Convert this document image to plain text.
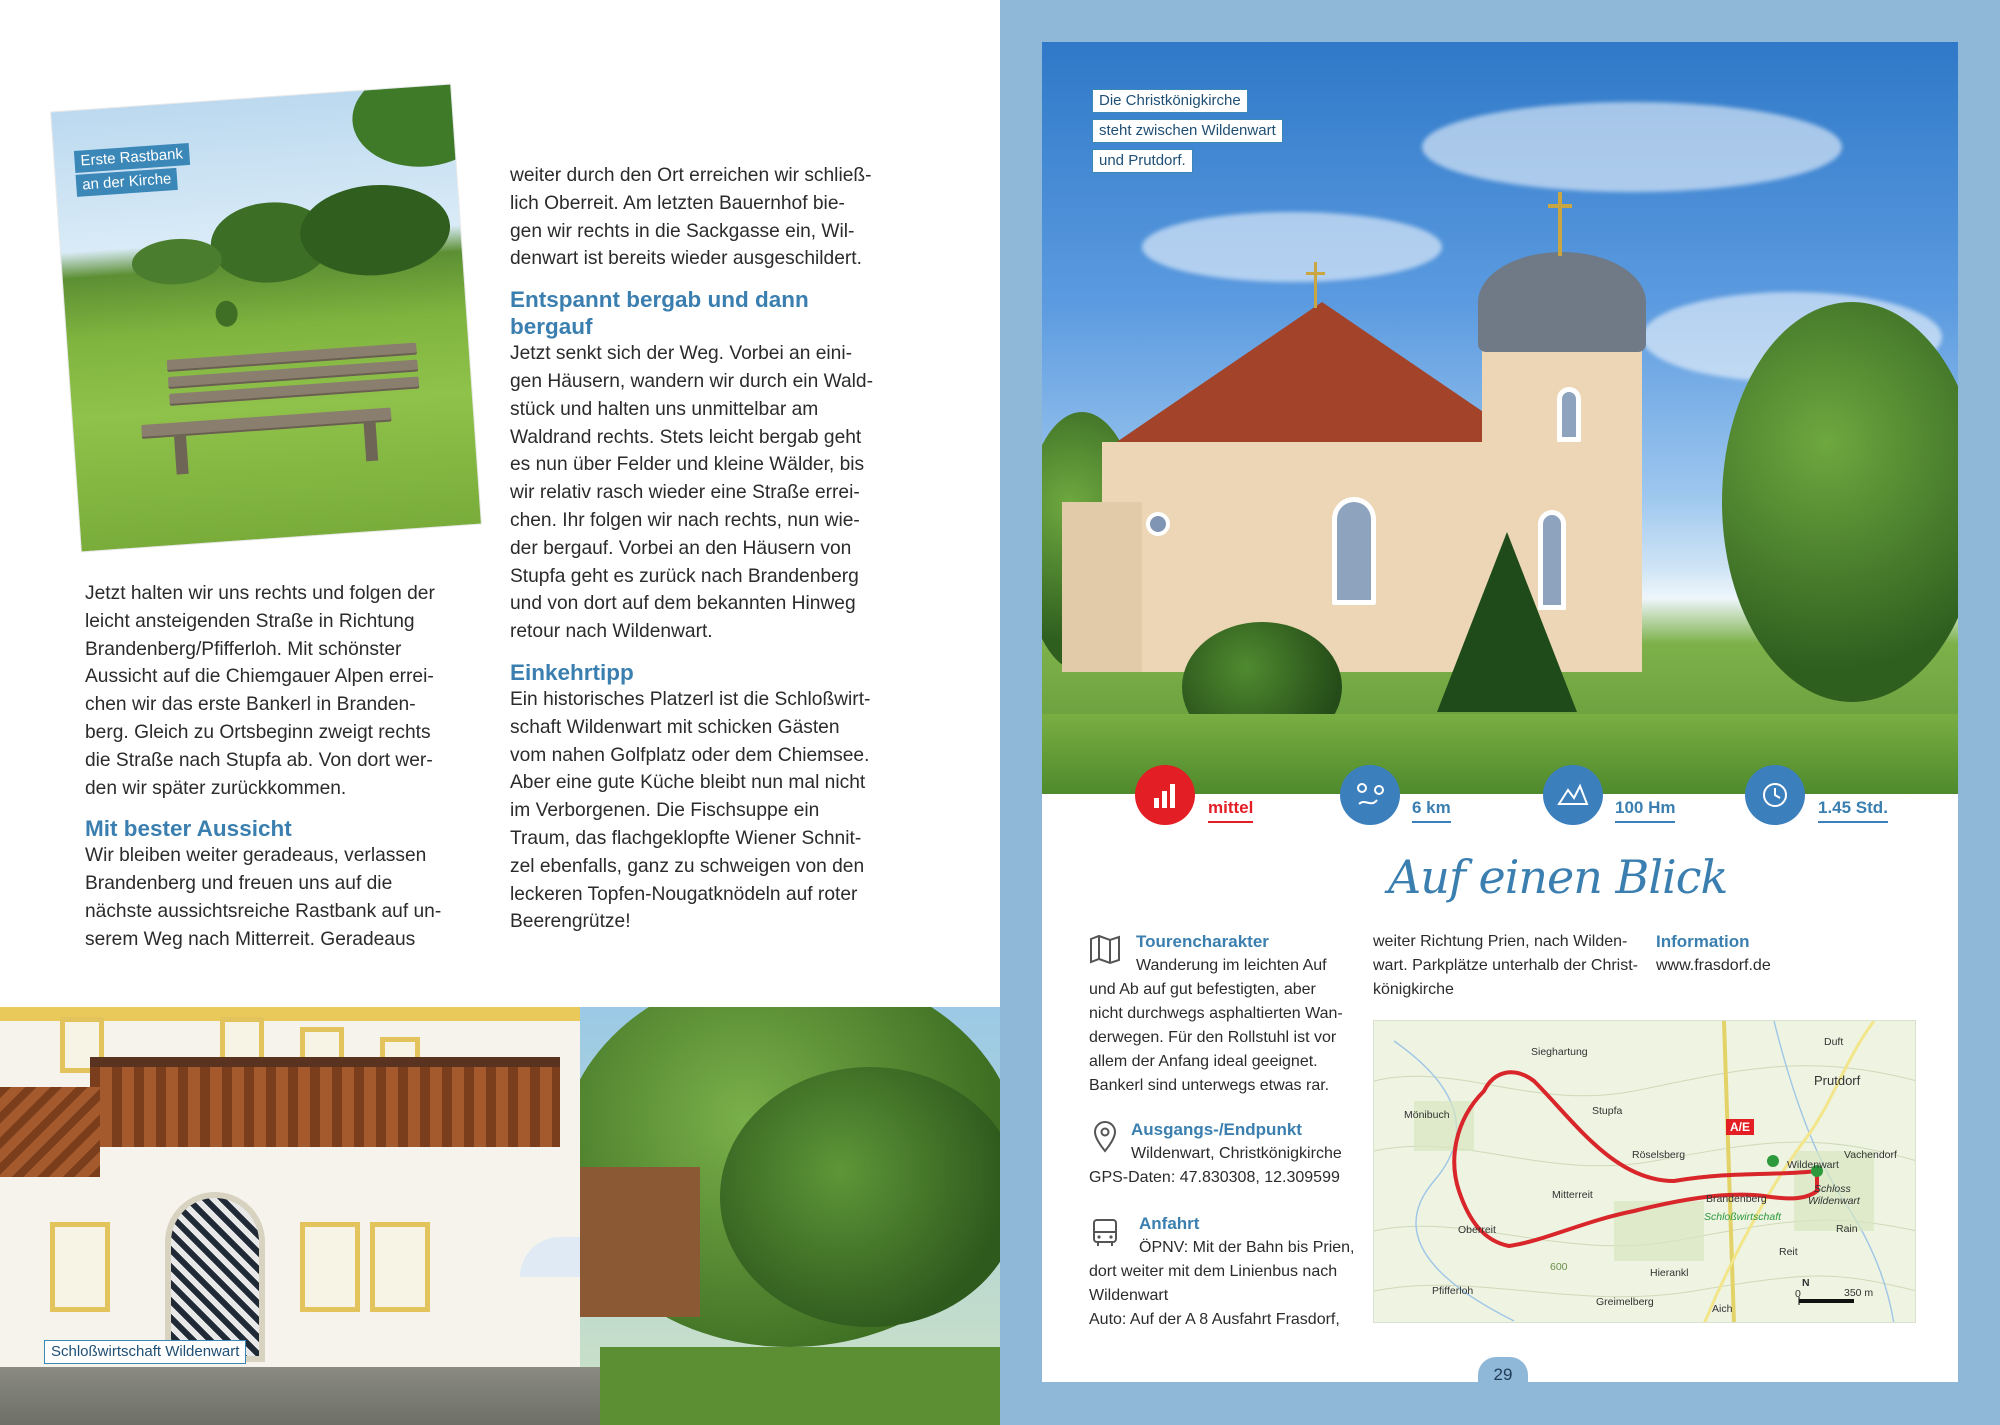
Erste Rastbank
an der Kirche

Jetzt halten wir uns rechts und folgen der

leicht ansteigenden Straße in Richtung

Brandenberg/Pfifferloh. Mit schönster

Aussicht auf die Chiemgauer Alpen errei-

chen wir das erste Bankerl in Branden-

berg. Gleich zu Ortsbeginn zweigt rechts

die Straße nach Stupfa ab. Von dort wer-

den wir später zurückkommen.

Mit bester Aussicht

Wir bleiben weiter geradeaus, verlassen

Brandenberg und freuen uns auf die

nächste aussichtsreiche Rastbank auf un-

serem Weg nach Mitterreit. Geradeaus

weiter durch den Ort erreichen wir schließ-

lich Oberreit. Am letzten Bauernhof bie-

gen wir rechts in die Sackgasse ein, Wil-

denwart ist bereits wieder ausgeschildert.

Entspannt bergab und dann
bergauf

Jetzt senkt sich der Weg. Vorbei an eini-

gen Häusern, wandern wir durch ein Wald-

stück und halten uns unmittelbar am

Waldrand rechts. Stets leicht bergab geht

es nun über Felder und kleine Wälder, bis

wir relativ rasch wieder eine Straße errei-

chen. Ihr folgen wir nach rechts, nun wie-

der bergauf. Vorbei an den Häusern von

Stupfa geht es zurück nach Brandenberg

und von dort auf dem bekannten Hinweg

retour nach Wildenwart.

Einkehrtipp

Ein historisches Platzerl ist die Schloßwirt-

schaft Wildenwart mit schicken Gästen

vom nahen Golfplatz oder dem Chiemsee.

Aber eine gute Küche bleibt nun mal nicht

im Verborgenen. Die Fischsuppe ein

Traum, das flachgeklopfte Wiener Schnit-

zel ebenfalls, ganz zu schweigen von den

leckeren Topfen-Nougatknödeln auf roter

Beerengrütze!

Schloßwirtschaft Wildenwart
Die Christkönigkirche
steht zwischen Wildenwart
und Prutdorf.
mittel	6 km	100 Hm	1.45 Std.
Auf einen Blick
Tourencharakter
Wanderung im leichten Auf
und Ab auf gut befestigten, aber
nicht durchwegs asphaltierten Wan-
derwegen. Für den Rollstuhl ist vor
allem der Anfang ideal geeignet.
Bankerl sind unterwegs etwas rar.
Ausgangs-/Endpunkt
Wildenwart, Christkönigkirche
GPS-Daten: 47.830308, 12.309599
Anfahrt
ÖPNV: Mit der Bahn bis Prien,
dort weiter mit dem Linienbus nach
Wildenwart
Auto: Auf der A 8 Ausfahrt Frasdorf,
weiter Richtung Prien, nach Wilden-
wart. Parkplätze unterhalb der Christ-
königkirche
Information
www.frasdorf.de
Sieghartung
Duft
Prutdorf
Mönibuch	Stupfa
Röselsberg
A/E
Wildenwart
Vachendorf
Mitterreit	Brandenberg
Schloss
Wildenwart
Schloßwirtschaft
Oberreit	Rain
Reit
Hierankl
600
Pfifferloh
Greimelberg
Aich
N
0	350 m
29
